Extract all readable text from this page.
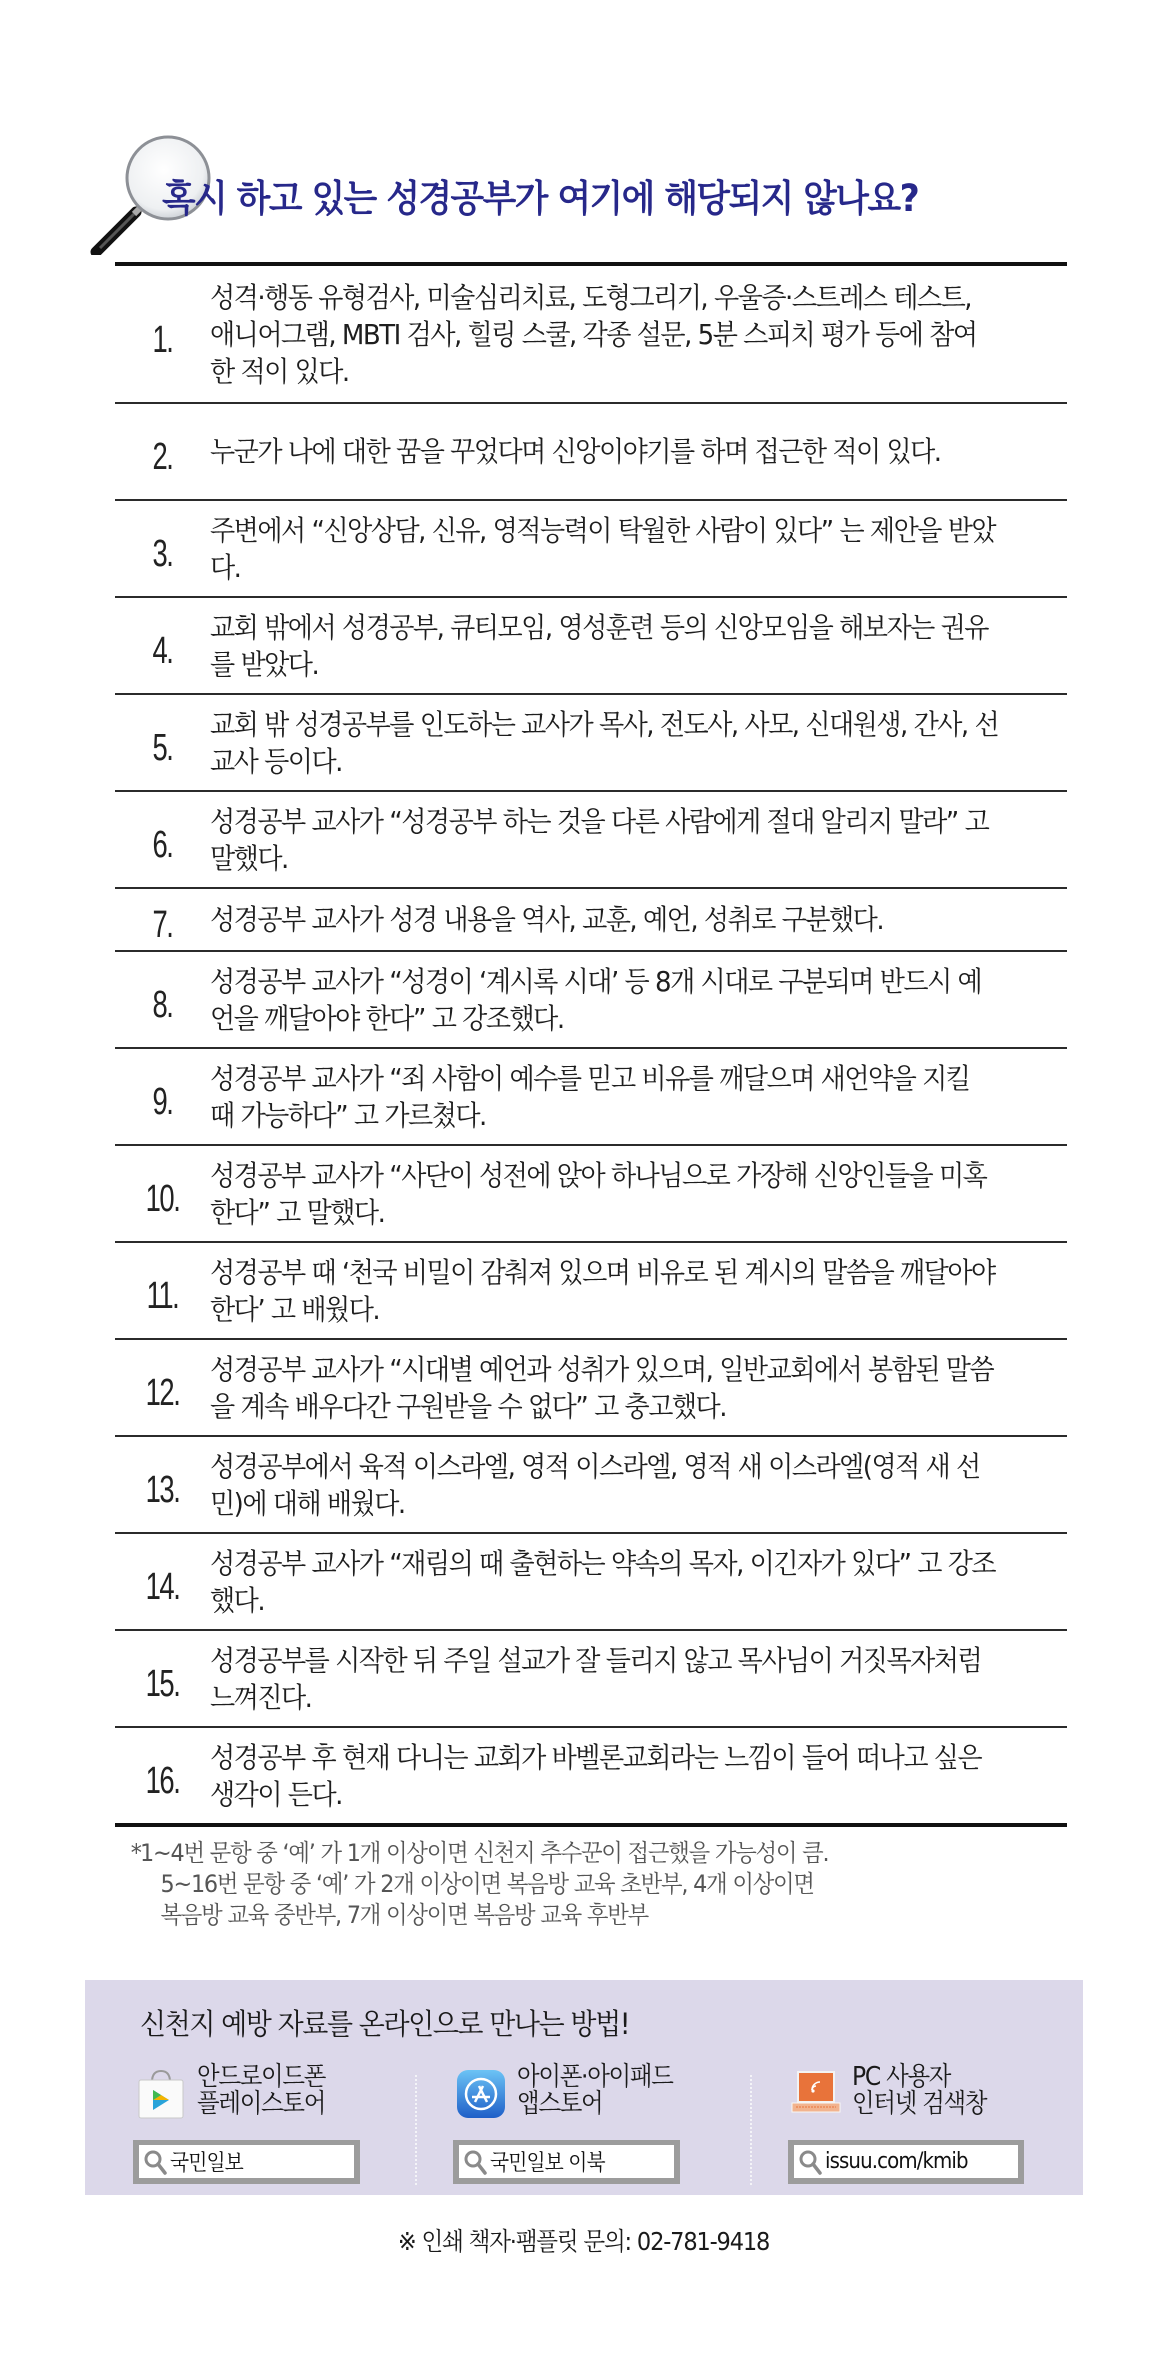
혹시 하고 있는 성경공부가 여기에 해당되지 않나요?
1.
성격·행동 유형검사, 미술심리치료, 도형그리기, 우울증·스트레스 테스트, 애니어그램, MBTI 검사, 힐링 스쿨, 각종 설문, 5분 스피치 평가 등에 참여한 적이 있다.
2.	누군가 나에 대한 꿈을 꾸었다며 신앙이야기를 하며 접근한 적이 있다.
3.
주변에서 “신앙상담, 신유, 영적능력이 탁월한 사람이 있다” 는 제안을 받았다.
4.
교회 밖에서 성경공부, 큐티모임, 영성훈련 등의 신앙모임을 해보자는 권유를 받았다.
5.
교회 밖 성경공부를 인도하는 교사가 목사, 전도사, 사모, 신대원생, 간사, 선교사 등이다.
6.
성경공부 교사가 “성경공부 하는 것을 다른 사람에게 절대 알리지 말라” 고 말했다.
7.	성경공부 교사가 성경 내용을 역사, 교훈, 예언, 성취로 구분했다.
8.
성경공부 교사가 “성경이 ‘계시록 시대’ 등 8개 시대로 구분되며 반드시 예언을 깨달아야 한다” 고 강조했다.
9.
성경공부 교사가 “죄 사함이 예수를 믿고 비유를 깨달으며 새언약을 지킬 때 가능하다” 고 가르쳤다.
10.
성경공부 교사가 “사단이 성전에 앉아 하나님으로 가장해 신앙인들을 미혹 한다” 고 말했다.
11.
성경공부 때 ‘천국 비밀이 감춰져 있으며 비유로 된 계시의 말씀을 깨달아야 한다’ 고 배웠다.
12.
성경공부 교사가 “시대별 예언과 성취가 있으며, 일반교회에서 봉함된 말씀을 계속 배우다간 구원받을 수 없다” 고 충고했다.
13.
성경공부에서 육적 이스라엘, 영적 이스라엘, 영적 새 이스라엘(영적 새 선민)에 대해 배웠다.
14.
성경공부 교사가 “재림의 때 출현하는 약속의 목자, 이긴자가 있다” 고 강조했다.
15.
성경공부를 시작한 뒤 주일 설교가 잘 들리지 않고 목사님이 거짓목자처럼 느껴진다.
16.
성경공부 후 현재 다니는 교회가 바벨론교회라는 느낌이 들어 떠나고 싶은 생각이 든다.
* 1~4번 문항 중 ‘예’ 가 1개 이상이면 신천지 추수꾼이 접근했을 가능성이 큼.

5~16번 문항 중 ‘예’ 가 2개 이상이면 복음방 교육 초반부, 4개 이상이면

복음방 교육 중반부, 7개 이상이면 복음방 교육 후반부

신천지 예방 자료를 온라인으로 만나는 방법!
안드로이드폰
플레이스토어
국민일보
아이폰·아이패드
앱스토어
국민일보 이북
PC 사용자
인터넷 검색창
issuu.com/kmib
※ 인쇄 책자·팸플릿 문의: 02-781-9418
